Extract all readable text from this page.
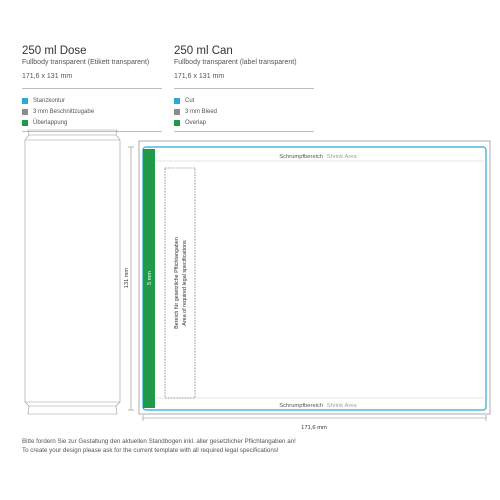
250 ml Dose
Fullbody transparent (Etikett transparent)
171,6 x 131 mm
Stanzkontur
3 mm Beschnittzugabe
Überlappung
250 ml Can
Fullbody transparent (label transparent)
171,6 x 131 mm
Cut
3 mm Bleed
Overlap
Schrumpfbereich Shrink Area
Schrumpfbereich Shrink Area
5 mm	Bereich für gesetzliche Pflichtangaben Area of required legal specifications
131 mm
171,6 mm
Bitte fordern Sie zur Gestaltung den aktuellen Standbogen inkl. aller gesetzlicher Pflichtangaben an!
To create your design please ask for the current template with all required legal specifications!
